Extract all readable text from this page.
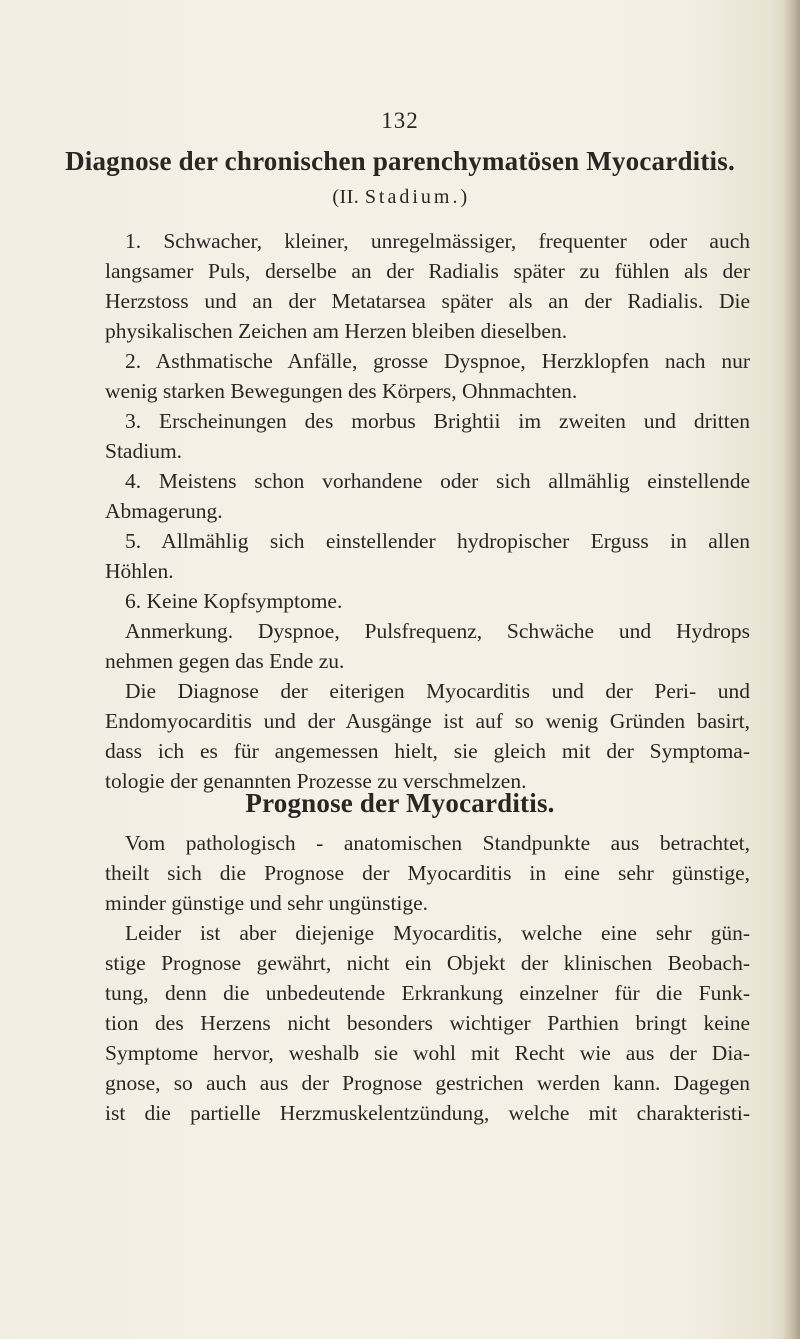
132
Diagnose der chronischen parenchymatösen Myocarditis.
(II. Stadium.)
1. Schwacher, kleiner, unregelmässiger, frequenter oder auch
langsamer Puls, derselbe an der Radialis später zu fühlen als der
Herzstoss und an der Metatarsea später als an der Radialis. Die
physikalischen Zeichen am Herzen bleiben dieselben.
2. Asthmatische Anfälle, grosse Dyspnoe, Herzklopfen nach nur
wenig starken Bewegungen des Körpers, Ohnmachten.
3. Erscheinungen des morbus Brightii im zweiten und dritten
Stadium.
4. Meistens schon vorhandene oder sich allmählig einstellende
Abmagerung.
5. Allmählig sich einstellender hydropischer Erguss in allen
Höhlen.
6. Keine Kopfsymptome.
Anmerkung. Dyspnoe, Pulsfrequenz, Schwäche und Hydrops
nehmen gegen das Ende zu.
Die Diagnose der eiterigen Myocarditis und der Peri- und
Endomyocarditis und der Ausgänge ist auf so wenig Gründen basirt,
dass ich es für angemessen hielt, sie gleich mit der Symptoma-
tologie der genannten Prozesse zu verschmelzen.
Prognose der Myocarditis.
Vom pathologisch - anatomischen Standpunkte aus betrachtet,
theilt sich die Prognose der Myocarditis in eine sehr günstige,
minder günstige und sehr ungünstige.
Leider ist aber diejenige Myocarditis, welche eine sehr gün-
stige Prognose gewährt, nicht ein Objekt der klinischen Beobach-
tung, denn die unbedeutende Erkrankung einzelner für die Funk-
tion des Herzens nicht besonders wichtiger Parthien bringt keine
Symptome hervor, weshalb sie wohl mit Recht wie aus der Dia-
gnose, so auch aus der Prognose gestrichen werden kann. Dagegen
ist die partielle Herzmuskelentzündung, welche mit charakteristi-
